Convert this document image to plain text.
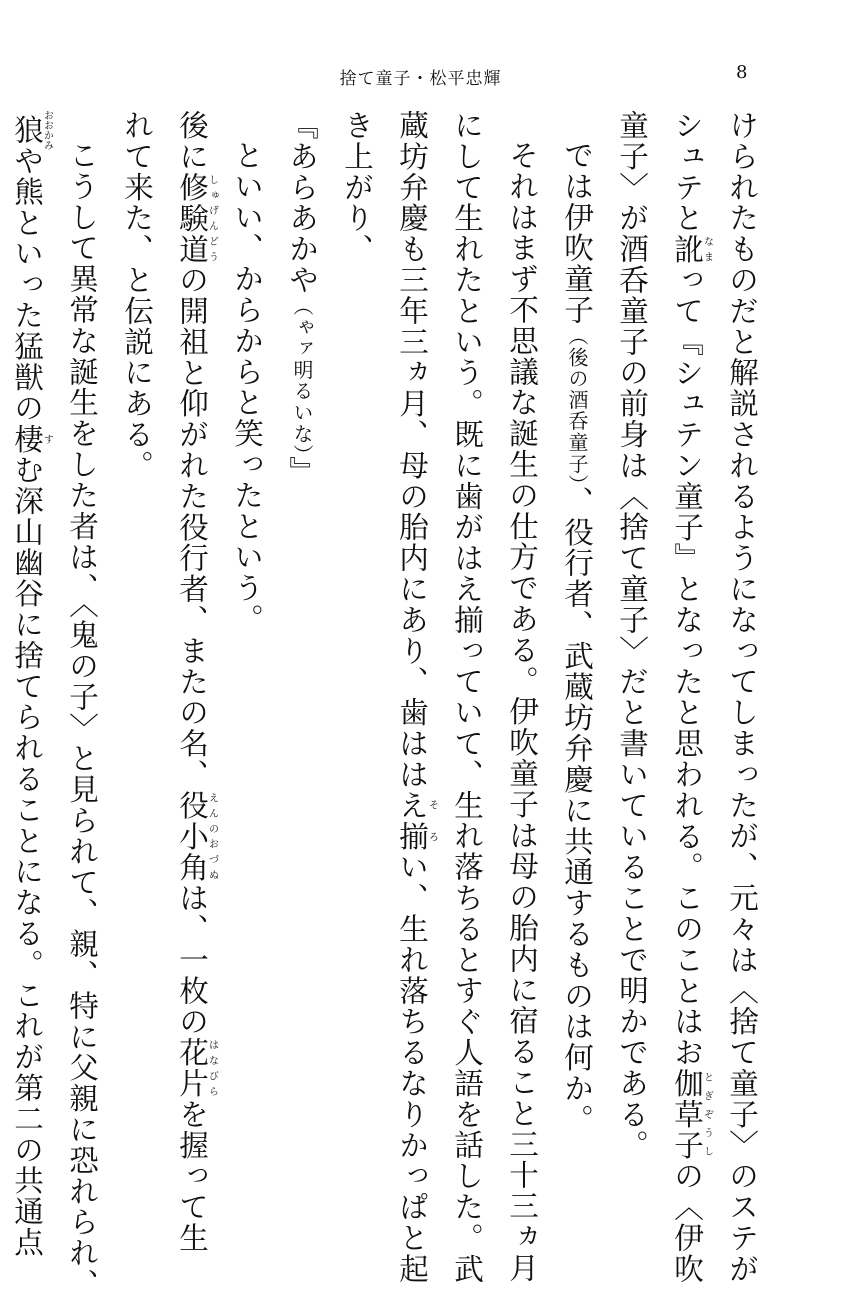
捨て童子・松平忠輝	8

けられたものだと解説されるようになってしまったが、元々は〈捨て童子〉のステが

シュテと訛なまって『シュテン童子』となったと思われる。このことはお伽草子とぎぞうしの〈伊吹

童子〉が酒呑童子の前身は〈捨て童子〉だと書いていることで明かである。

では伊吹童子（後の酒呑童子）、役行者、武蔵坊弁慶に共通するものは何か。

それはまず不思議な誕生の仕方である。伊吹童子は母の胎内に宿ること三十三ヵ月

にして生れたという。既に歯がはえ揃っていて、生れ落ちるとすぐ人語を話した。武

蔵坊弁慶も三年三ヵ月、母の胎内にあり、歯ははえ揃そろい、生れ落ちるなりかっぱと起

き上がり、

『あらあかや（ゃァ明るいな）』

といい、からからと笑ったという。

後に修験道しゅげんどうの開祖と仰がれた役行者、またの名、役小角えんのおづぬは、一枚の花片はなびらを握って生

れて来た、と伝説にある。

こうして異常な誕生をした者は、〈鬼の子〉と見られて、親、特に父親に恐れられ、

狼おおかみや熊といった猛獣の棲すむ深山幽谷に捨てられることになる。これが第二の共通点
